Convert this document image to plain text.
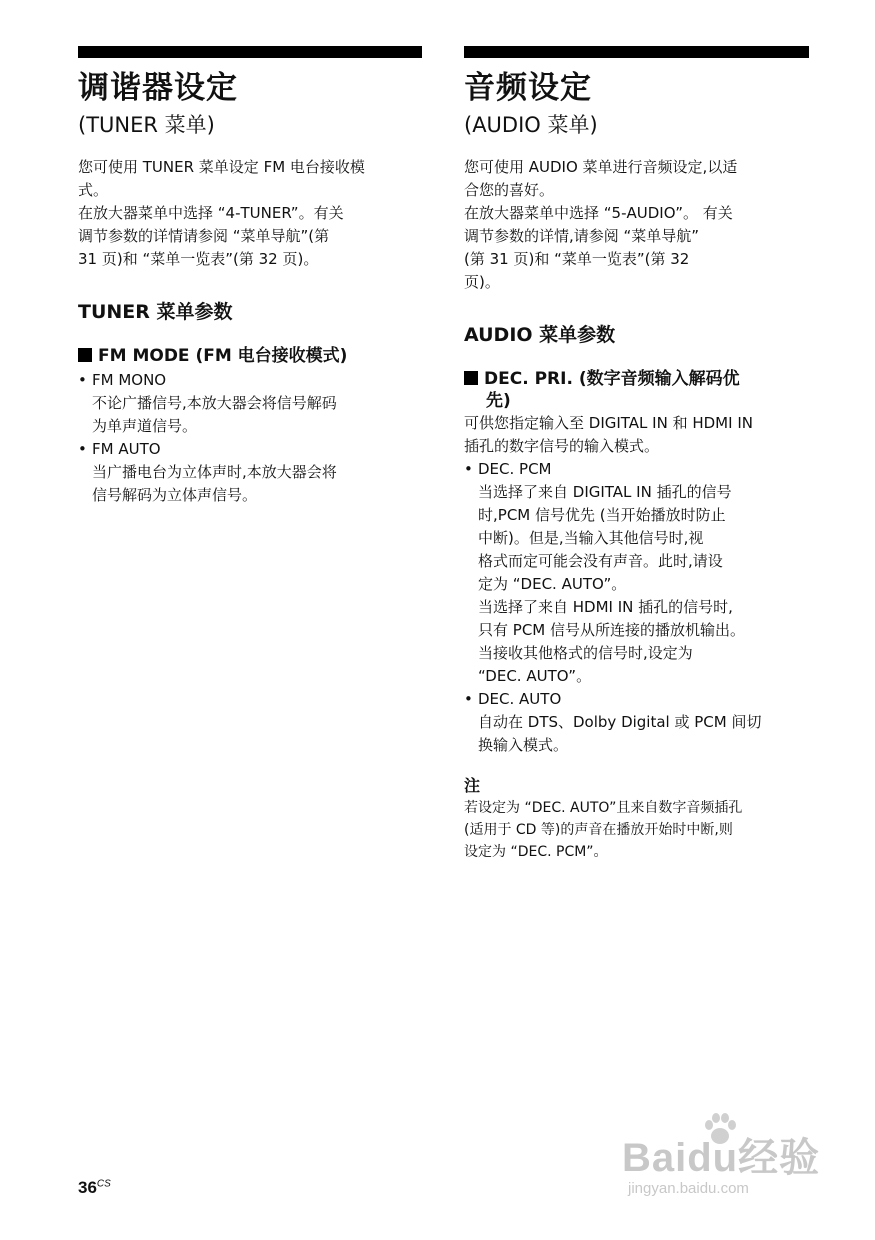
调谐器设定
(TUNER 菜单)
您可使用 TUNER 菜单设定 FM 电台接收模
式。
在放大器菜单中选择 “4-TUNER”。有关
调节参数的详情请参阅 “菜单导航”(第
31 页)和 “菜单一览表”(第 32 页)。
TUNER 菜单参数
FM MODE (FM 电台接收模式)
• FM MONO
不论广播信号,本放大器会将信号解码
为单声道信号。
• FM AUTO
当广播电台为立体声时,本放大器会将
信号解码为立体声信号。
音频设定
(AUDIO 菜单)
您可使用 AUDIO 菜单进行音频设定,以适
合您的喜好。
在放大器菜单中选择 “5-AUDIO”。 有关
调节参数的详情,请参阅 “菜单导航”
(第 31 页)和 “菜单一览表”(第 32
页)。
AUDIO 菜单参数
DEC. PRI. (数字音频输入解码优
先)
可供您指定输入至 DIGITAL IN 和 HDMI IN
插孔的数字信号的输入模式。
• DEC. PCM
当选择了来自 DIGITAL IN 插孔的信号
时,PCM 信号优先 (当开始播放时防止
中断)。但是,当输入其他信号时,视
格式而定可能会没有声音。此时,请设
定为 “DEC. AUTO”。
当选择了来自 HDMI IN 插孔的信号时,
只有 PCM 信号从所连接的播放机输出。
当接收其他格式的信号时,设定为
“DEC. AUTO”。
• DEC. AUTO
自动在 DTS、Dolby Digital 或 PCM 间切
换输入模式。
注
若设定为 “DEC. AUTO”且来自数字音频插孔
(适用于 CD 等)的声音在播放开始时中断,则
设定为 “DEC. PCM”。
$36^{CS}$
Baidu经验
jingyan.baidu.com
